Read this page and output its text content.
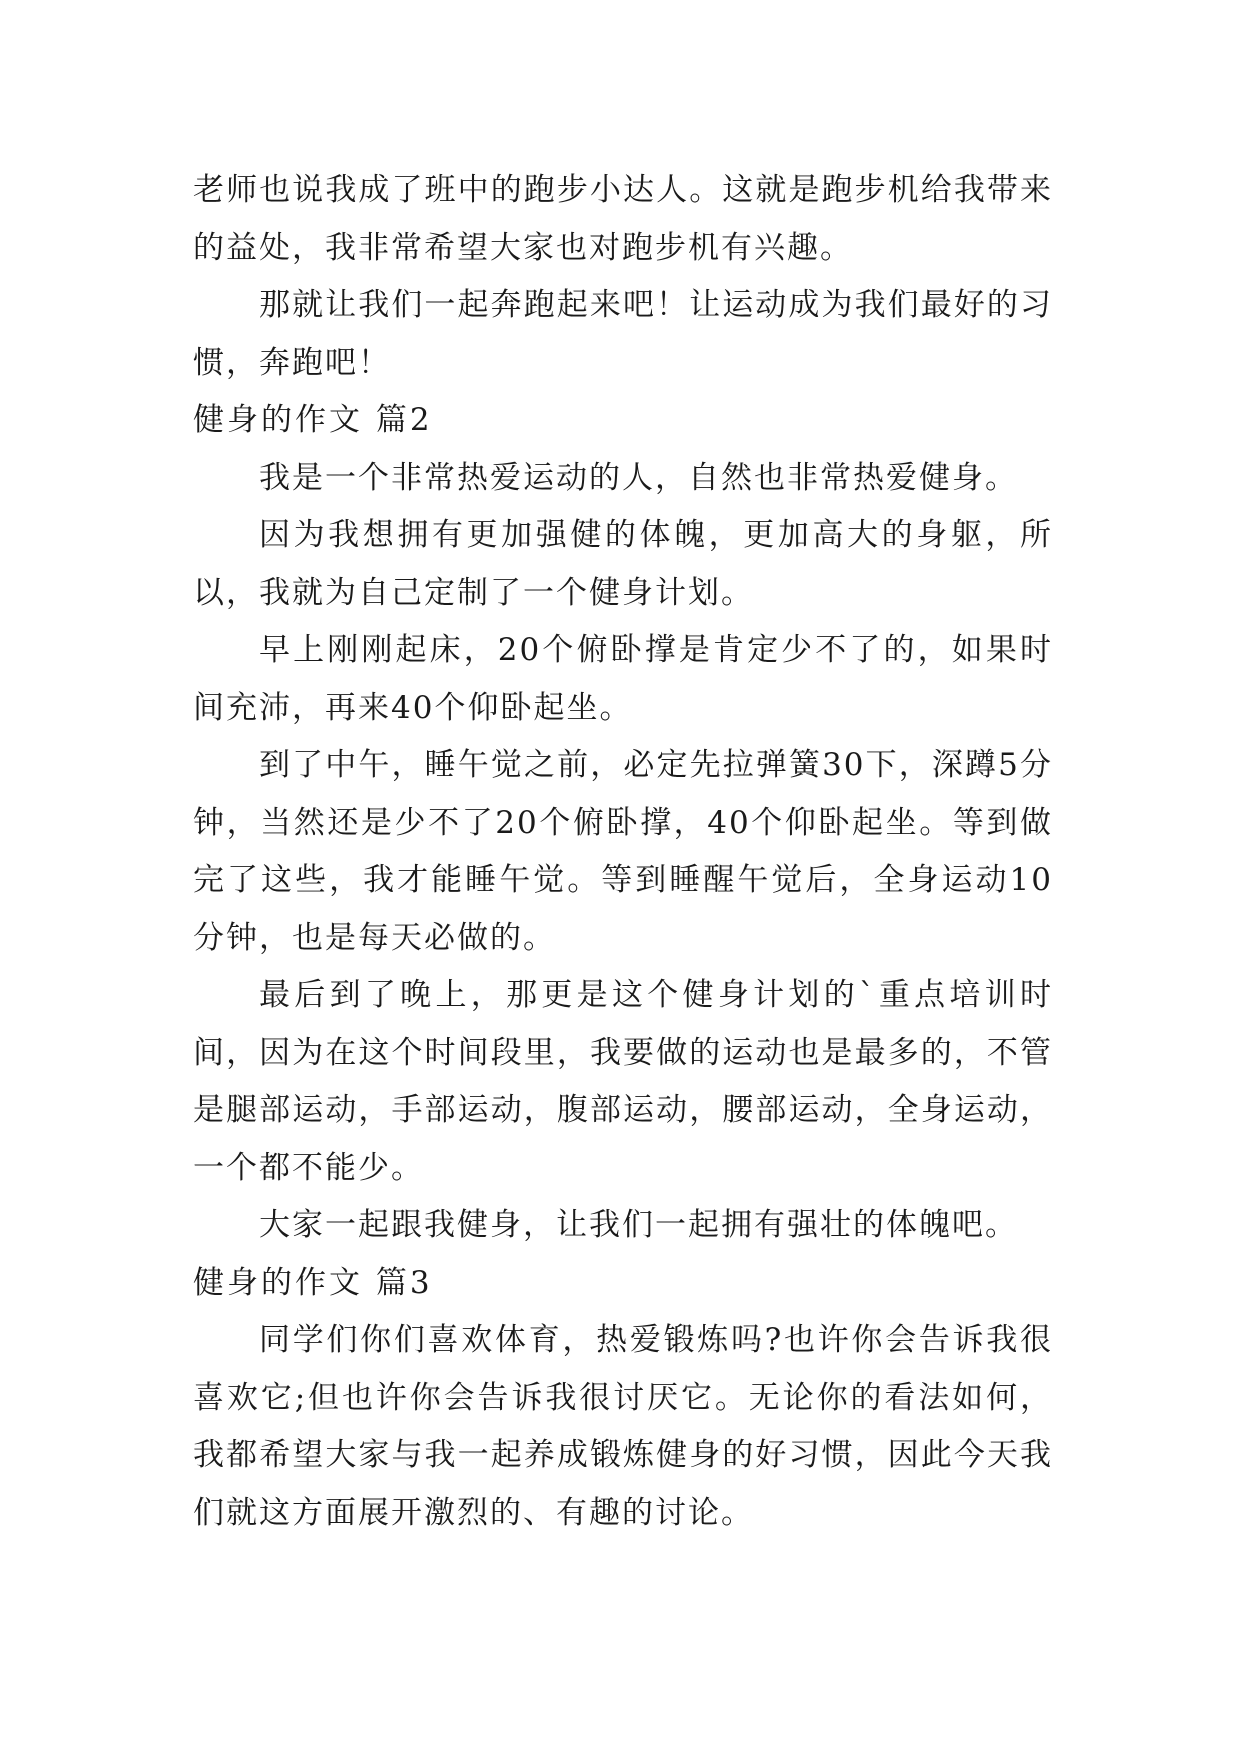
老师也说我成了班中的跑步小达人。这就是跑步机给我带来的益处，我非常希望大家也对跑步机有兴趣。

那就让我们一起奔跑起来吧！让运动成为我们最好的习惯，奔跑吧！

健身的作文 篇2

我是一个非常热爱运动的人，自然也非常热爱健身。

因为我想拥有更加强健的体魄，更加高大的身躯，所以，我就为自己定制了一个健身计划。

早上刚刚起床，20个俯卧撑是肯定少不了的，如果时间充沛，再来40个仰卧起坐。

到了中午，睡午觉之前，必定先拉弹簧30下，深蹲5分钟，当然还是少不了20个俯卧撑，40个仰卧起坐。等到做完了这些，我才能睡午觉。等到睡醒午觉后，全身运动10分钟，也是每天必做的。

最后到了晚上，那更是这个健身计划的`重点培训时间，因为在这个时间段里，我要做的运动也是最多的，不管是腿部运动，手部运动，腹部运动，腰部运动，全身运动，一个都不能少。

大家一起跟我健身，让我们一起拥有强壮的体魄吧。

健身的作文 篇3

同学们你们喜欢体育，热爱锻炼吗?也许你会告诉我很喜欢它;但也许你会告诉我很讨厌它。无论你的看法如何，我都希望大家与我一起养成锻炼健身的好习惯，因此今天我们就这方面展开激烈的、有趣的讨论。
